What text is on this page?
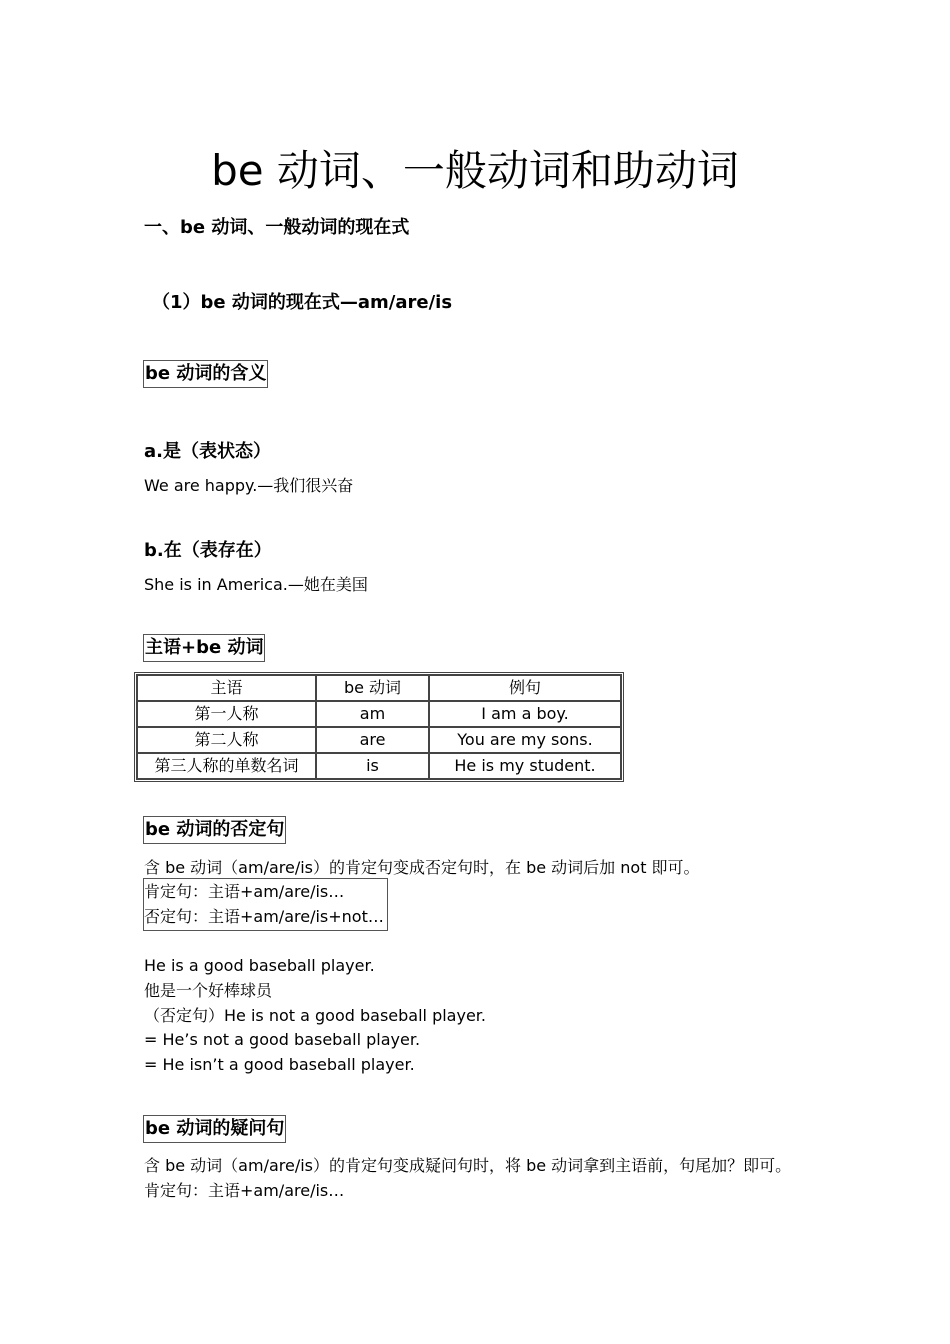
be 动词、一般动词和助动词
一、be 动词、一般动词的现在式
（1）be 动词的现在式—am/are/is
be 动词的含义
a.是（表状态）
We are happy.—我们很兴奋
b.在（表存在）
She is in America.—她在美国
主语+be 动词
主语	be 动词	例句
第一人称	am	I am a boy.
第二人称	are	You are my sons.
第三人称的单数名词	is	He is my student.
be 动词的否定句
含 be 动词（am/are/is）的肯定句变成否定句时，在 be 动词后加 not 即可。
肯定句：主语+am/are/is…
否定句：主语+am/are/is+not…
He is a good baseball player.
他是一个好棒球员
（否定句）He is not a good baseball player.
= He’s not a good baseball player.
= He isn’t a good baseball player.
be 动词的疑问句
含 be 动词（am/are/is）的肯定句变成疑问句时，将 be 动词拿到主语前，句尾加？即可。
肯定句：主语+am/are/is…
